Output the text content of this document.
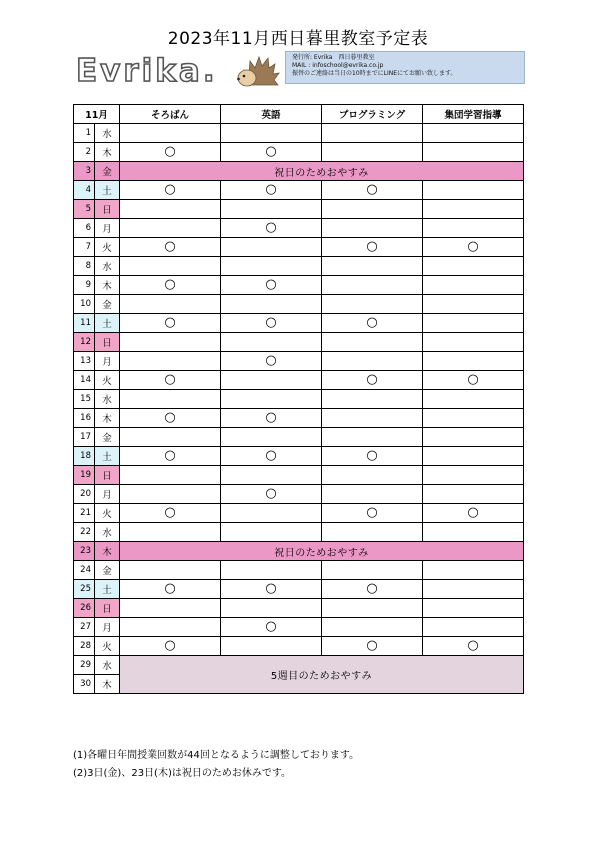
2023年11月西日暮里教室予定表
Evrika.	発行所: Evrika　西日暮里教室
MAIL : infoschool@evrika.co.jp
振替のご連絡は当日の10時までにLINEにてお願い致します。
11月		そろばん	英語	プログラミング	集団学習指導
1	水				
2	木	○	○		
3	金	祝日のためおやすみ			
4	土	○	○	○	
5	日				
6	月		○		
7	火	○		○	○
8	水				
9	木	○	○		
10	金				
11	土	○	○	○	
12	日				
13	月		○		
14	火	○		○	○
15	水				
16	木	○	○		
17	金				
18	土	○	○	○	
19	日				
20	月		○		
21	火	○		○	○
22	水				
23	木	祝日のためおやすみ			
24	金				
25	土	○	○	○	
26	日				
27	月		○		
28	火	○		○	○
29	水	5週目のためおやすみ			
30	木				
(1)各曜日年間授業回数が44回となるように調整しております。
(2)3日(金)、23日(木)は祝日のためお休みです。
